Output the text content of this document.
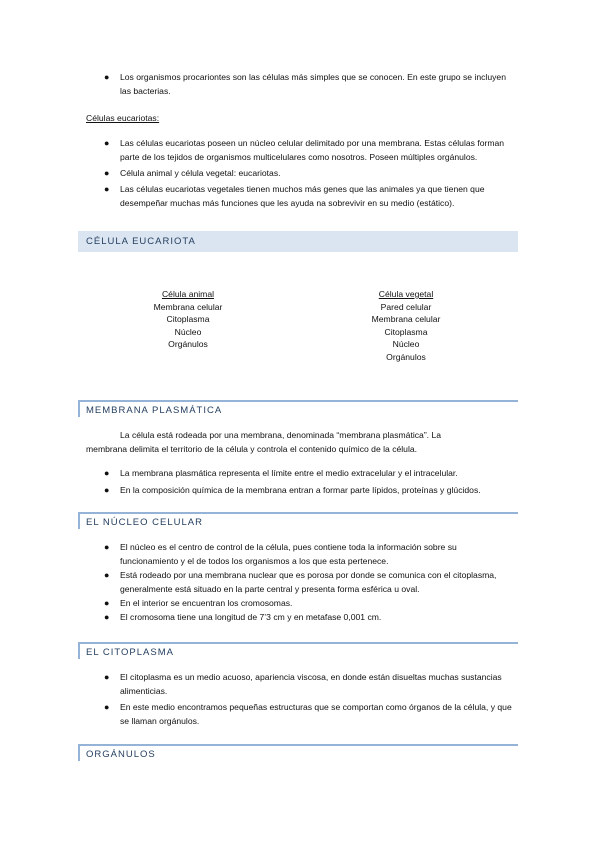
● Los organismos procariontes son las células más simples que se conocen. En este grupo se incluyen las bacterias.
Células eucariotas:
● Las células eucariotas poseen un núcleo celular delimitado por una membrana. Estas células forman parte de los tejidos de organismos multicelulares como nosotros. Poseen múltiples orgánulos.
● Célula animal y célula vegetal: eucariotas.
● Las células eucariotas vegetales tienen muchos más genes que las animales ya que tienen que desempeñar muchas más funciones que les ayuda na sobrevivir en su medio (estático).
CÉLULA EUCARIOTA
Célula animal
Membrana celular
Citoplasma
Núcleo
Orgánulos
Célula vegetal
Pared celular
Membrana celular
Citoplasma
Núcleo
Orgánulos
MEMBRANA PLASMÁTICA
La célula está rodeada por una membrana, denominada “membrana plasmática”. La
membrana delimita el territorio de la célula y controla el contenido químico de la célula.
● La membrana plasmática representa el límite entre el medio extracelular y el intracelular.
● En la composición química de la membrana entran a formar parte lípidos, proteínas y glúcidos.
EL NÚCLEO CELULAR
● El núcleo es el centro de control de la célula, pues contiene toda la información sobre su funcionamiento y el de todos los organismos a los que esta pertenece.
● Está rodeado por una membrana nuclear que es porosa por donde se comunica con el citoplasma, generalmente está situado en la parte central y presenta forma esférica u oval.
● En el interior se encuentran los cromosomas.
● El cromosoma tiene una longitud de 7’3 cm y en metafase 0,001 cm.
EL CITOPLASMA
● El citoplasma es un medio acuoso, apariencia viscosa, en donde están disueltas muchas sustancias alimenticias.
● En este medio encontramos pequeñas estructuras que se comportan como órganos de la célula, y que se llaman orgánulos.
ORGÁNULOS
